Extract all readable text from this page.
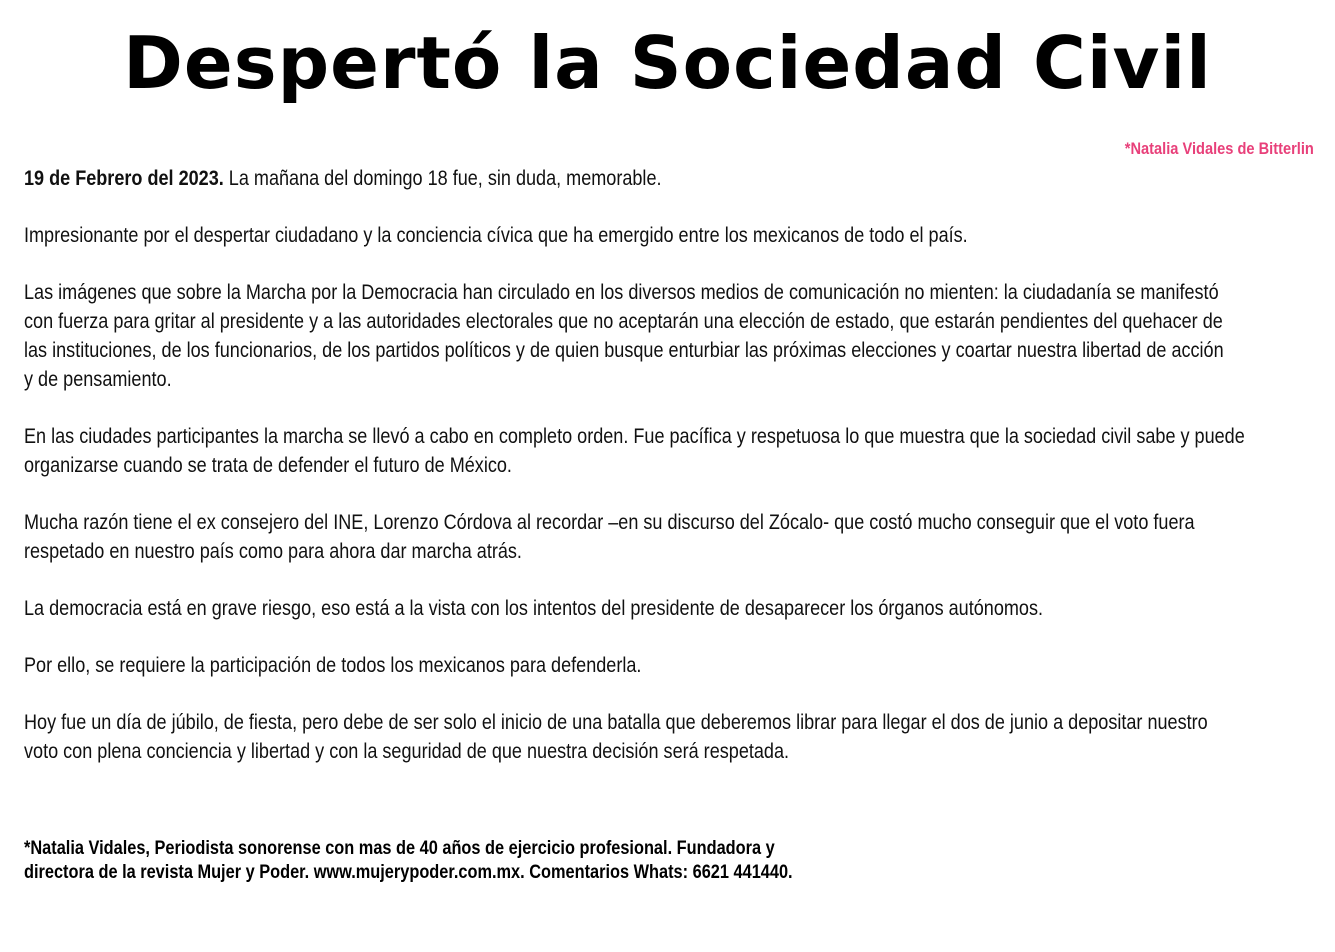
Despertó la Sociedad Civil
*Natalia Vidales de Bitterlin

19 de Febrero del 2023. La mañana del domingo 18 fue, sin duda, memorable.

Impresionante por el despertar ciudadano y la conciencia cívica que ha emergido entre los mexicanos de todo el país.

Las imágenes que sobre la Marcha por la Democracia han circulado en los diversos medios de comunicación no mienten: la ciudadanía se manifestó
con fuerza para gritar al presidente y a las autoridades electorales que no aceptarán una elección de estado, que estarán pendientes del quehacer de
las instituciones, de los funcionarios, de los partidos políticos y de quien busque enturbiar las próximas elecciones y coartar nuestra libertad de acción
y de pensamiento.

En las ciudades participantes la marcha se llevó a cabo en completo orden. Fue pacífica y respetuosa lo que muestra que la sociedad civil sabe y puede
organizarse cuando se trata de defender el futuro de México.

Mucha razón tiene el ex consejero del INE, Lorenzo Córdova al recordar –en su discurso del Zócalo- que costó mucho conseguir que el voto fuera
respetado en nuestro país como para ahora dar marcha atrás.

La democracia está en grave riesgo, eso está a la vista con los intentos del presidente de desaparecer los órganos autónomos.

Por ello, se requiere la participación de todos los mexicanos para defenderla.

Hoy fue un día de júbilo, de fiesta, pero debe de ser solo el inicio de una batalla que deberemos librar para llegar el dos de junio a depositar nuestro
voto con plena conciencia y libertad y con la seguridad de que nuestra decisión será respetada.

*Natalia Vidales, Periodista sonorense con mas de 40 años de ejercicio profesional. Fundadora y
directora de la revista Mujer y Poder. www.mujerypoder.com.mx. Comentarios Whats: 6621 441440.
